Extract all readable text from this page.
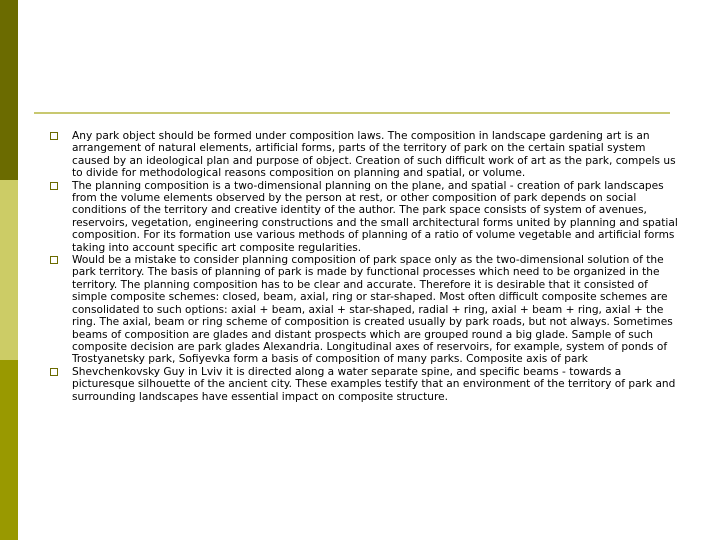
Any park object should be formed under composition laws. The composition in landscape gardening art is an arrangement of natural elements, artificial forms, parts of the territory of park on the certain spatial system caused by an ideological plan and purpose of object. Creation of such difficult work of art as the park, compels us to divide for methodological reasons composition on planning and spatial, or volume.
The planning composition is a two-dimensional planning on the plane, and spatial - creation of park landscapes from the volume elements observed by the person at rest, or other composition of park depends on social conditions of the territory and creative identity of the author. The park space consists of system of avenues, reservoirs, vegetation, engineering constructions and the small architectural forms united by planning and spatial composition. For its formation use various methods of planning of a ratio of volume vegetable and artificial forms taking into account specific art composite regularities.
Would be a mistake to consider planning composition of park space only as the two-dimensional solution of the park territory. The basis of planning of park is made by functional processes which need to be organized in the territory. The planning composition has to be clear and accurate. Therefore it is desirable that it consisted of simple composite schemes: closed, beam, axial, ring or star-shaped. Most often difficult composite schemes are consolidated to such options: axial + beam, axial + star-shaped, radial + ring, axial + beam + ring, axial + the ring. The axial, beam or ring scheme of composition is created usually by park roads, but not always. Sometimes beams of composition are glades and distant prospects which are grouped round a big glade. Sample of such composite decision are park glades Alexandria. Longitudinal axes of reservoirs, for example, system of ponds of Trostyanetsky park, Sofiyevka form a basis of composition of many parks. Composite axis of park
Shevchenkovsky Guy in Lviv it is directed along a water separate spine, and specific beams - towards a picturesque silhouette of the ancient city. These examples testify that an environment of the territory of park and surrounding landscapes have essential impact on composite structure.
